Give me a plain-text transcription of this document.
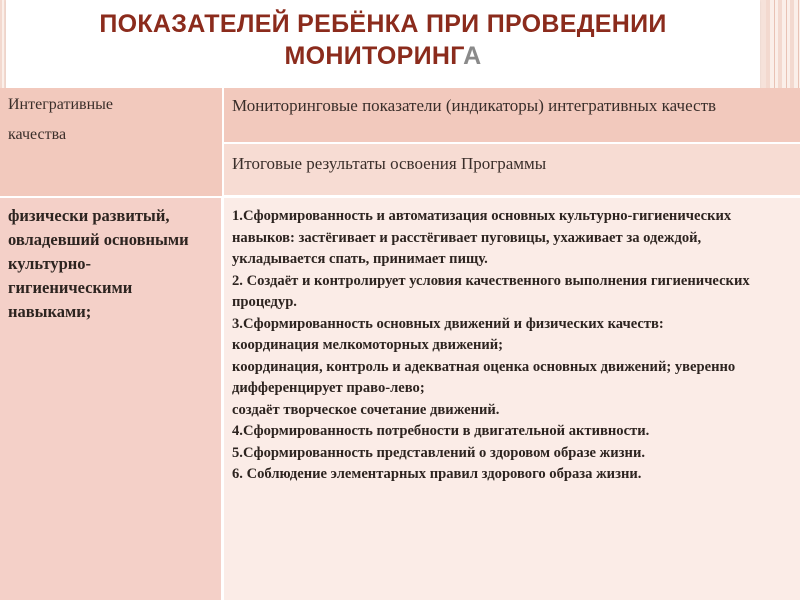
ПОКАЗАТЕЛЕЙ РЕБЁНКА ПРИ ПРОВЕДЕНИИ
МОНИТОРИНГА
Интегративные
качества
Мониторинговые показатели (индикаторы) интегративных качеств
Итоговые результаты освоения Программы
физически развитый, овладевший основными культурно-гигиеническими навыками;

1.Сформированность и автоматизация основных культурно-гигиенических навыков: застёгивает и расстёгивает пуговицы, ухаживает за одеждой, укладывается спать, принимает пищу.

2. Создаёт и контролирует условия качественного выполнения гигиенических процедур.

3.Сформированность основных движений и физических качеств:

координация мелкомоторных движений;

координация, контроль и адекватная оценка основных движений; уверенно дифференцирует право-лево;

создаёт творческое сочетание движений.

4.Сформированность потребности в двигательной активности.

5.Сформированность представлений о здоровом образе жизни.

6. Соблюдение элементарных правил здорового образа жизни.
